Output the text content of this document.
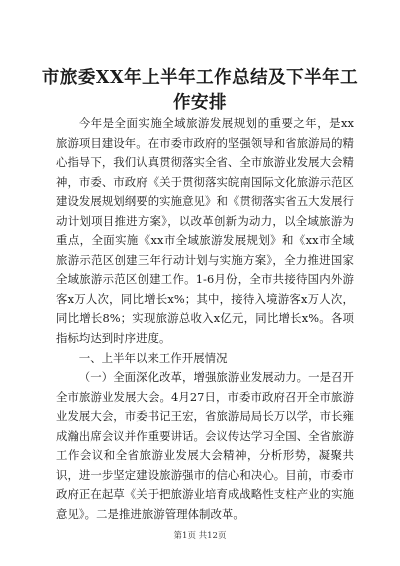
市旅委XX年上半年工作总结及下半年工作安排

今年是全面实施全域旅游发展规划的重要之年，是xx旅游项目建设年。在市委市政府的坚强领导和省旅游局的精心指导下，我们认真贯彻落实全省、全市旅游业发展大会精神，市委、市政府《关于贯彻落实皖南国际文化旅游示范区建设发展规划纲要的实施意见》和《贯彻落实省五大发展行动计划项目推进方案》，以改革创新为动力，以全域旅游为重点，全面实施《xx市全域旅游发展规划》和《xx市全域旅游示范区创建三年行动计划与实施方案》，全力推进国家全域旅游示范区创建工作。1-6月份，全市共接待国内外游客x万人次，同比增长x%；其中，接待入境游客x万人次，同比增长8%；实现旅游总收入x亿元，同比增长x%。各项指标均达到时序进度。

一、上半年以来工作开展情况

（一）全面深化改革，增强旅游业发展动力。一是召开全市旅游业发展大会。4月27日，市委市政府召开全市旅游业发展大会，市委书记王宏，省旅游局局长万以学，市长雍成瀚出席会议并作重要讲话。会议传达学习全国、全省旅游工作会议和全省旅游业发展大会精神，分析形势，凝聚共识，进一步坚定建设旅游强市的信心和决心。目前，市委市政府正在起草《关于把旅游业培育成战略性支柱产业的实施意见》。二是推进旅游管理体制改革。

第1页 共12页
